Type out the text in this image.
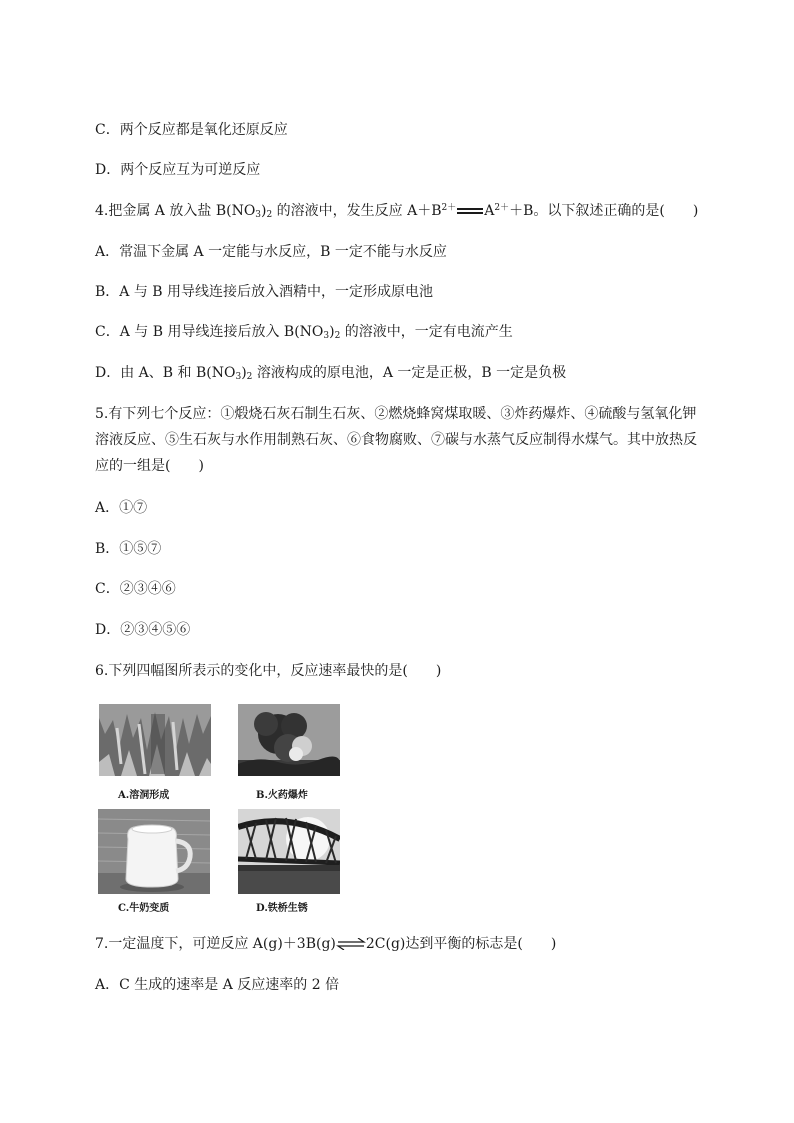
C．两个反应都是氧化还原反应
D．两个反应互为可逆反应
4.把金属 A 放入盐 $B(NO_3)_2$ 的溶液中，发生反应 $A+B^{2+}$ $A^{2+}+B$。以下叙述正确的是(　　)
A．常温下金属 A 一定能与水反应，B 一定不能与水反应
B．A 与 B 用导线连接后放入酒精中，一定形成原电池
C．A 与 B 用导线连接后放入 $B(NO_3)_2$ 的溶液中，一定有电流产生
D．由 A、B 和 $B(NO_3)_2$ 溶液构成的原电池，A 一定是正极，B 一定是负极
5.有下列七个反应：①煅烧石灰石制生石灰、②燃烧蜂窝煤取暖、③炸药爆炸、④硫酸与氢氧化钾溶液反应、⑤生石灰与水作用制熟石灰、⑥食物腐败、⑦碳与水蒸气反应制得水煤气。其中放热反应的一组是(　　)
A．①⑦
B．①⑤⑦
C．②③④⑥
D．②③④⑤⑥
6.下列四幅图所表示的变化中，反应速率最快的是(　　)
A.溶洞形成	B.火药爆炸
C.牛奶变质	D.铁桥生锈
7.一定温度下，可逆反应 A(g)＋3B(g)⇌2C(g)达到平衡的标志是(　　)
A．C 生成的速率是 A 反应速率的 2 倍
